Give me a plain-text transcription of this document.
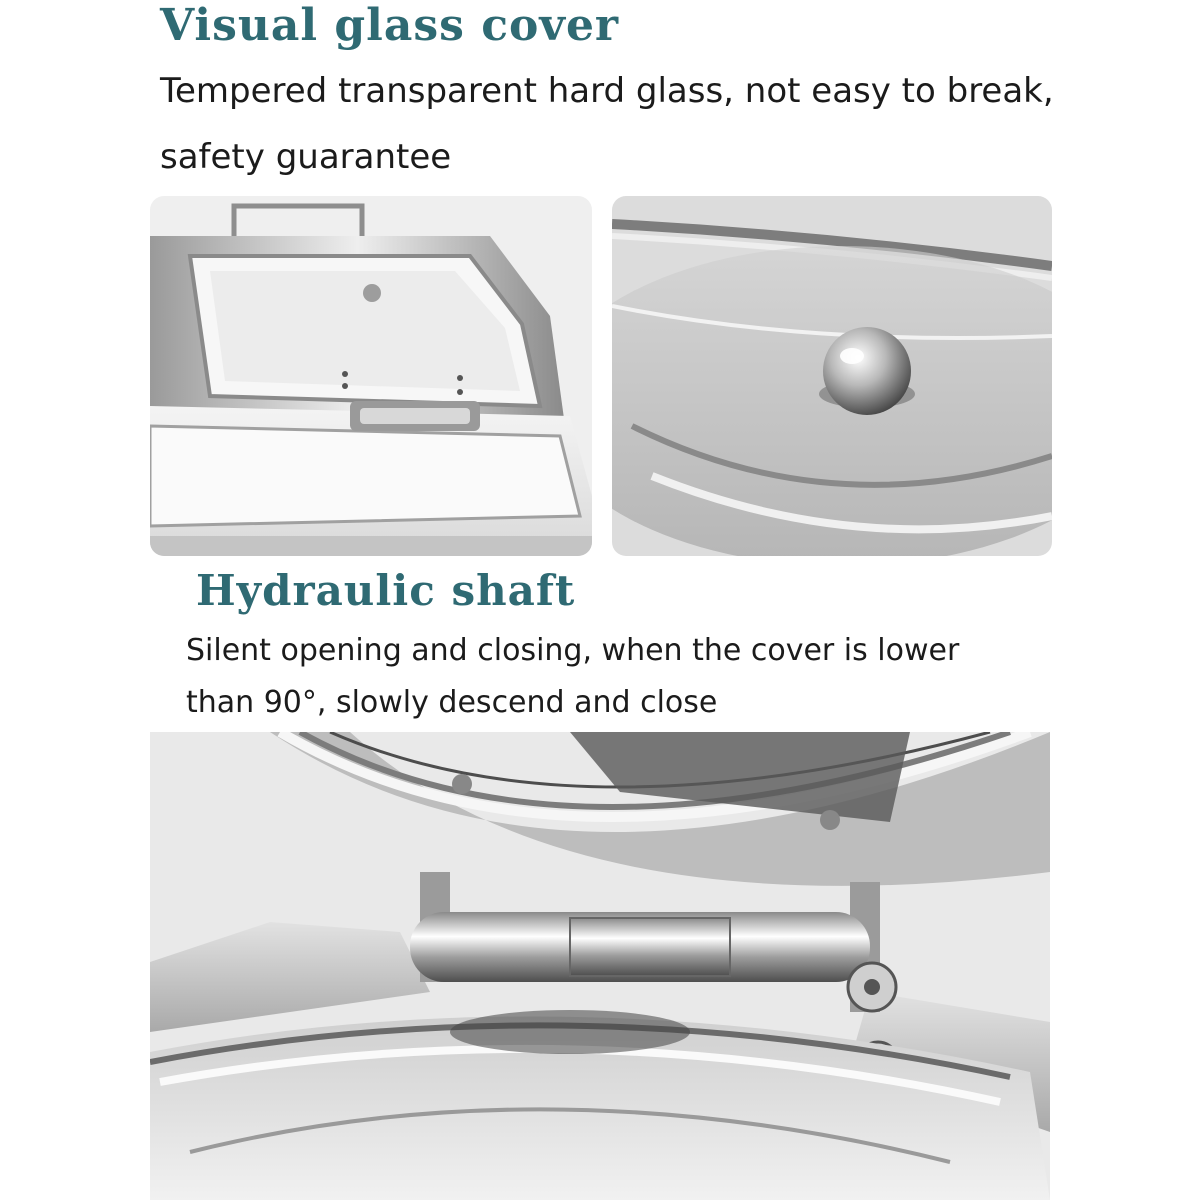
Visual glass cover

Tempered transparent hard glass, not easy to break,

safety guarantee

Hydraulic shaft

Silent opening and closing, when the cover is lower

than 90°, slowly descend and close
